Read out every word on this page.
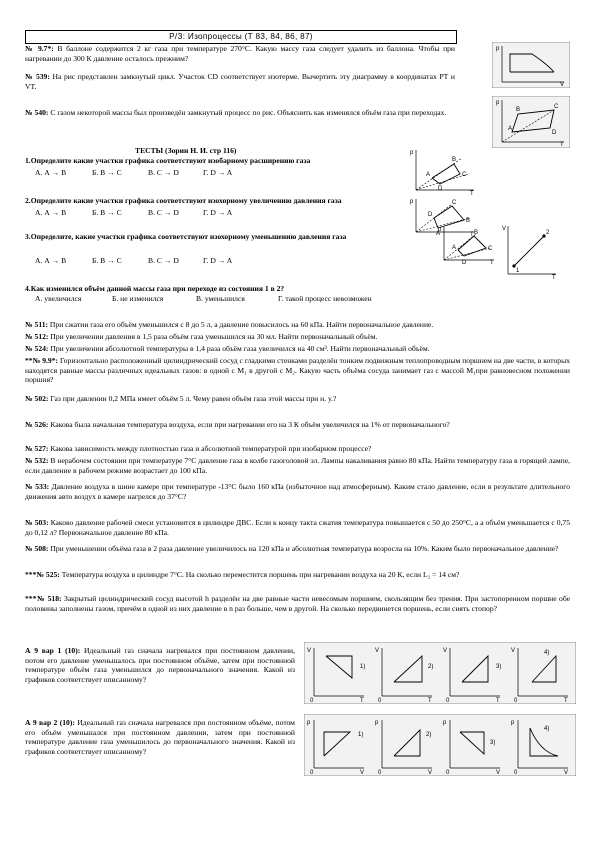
Р/З: Изопроцессы (Т 83, 84, 86, 87)
№ 9.7*: В баллоне содержится 2 кг газа при температуре 270°С. Какую массу газа следует удалить из баллона. Чтобы при нагревании до 300 К давление осталось прежним?
№ 539: На рис представлен замкнутый цикл. Участок CD соответствует изотерме. Вычертить эту диаграмму в координатах РТ и VT.
№ 540: С газом некоторой массы был произведён замкнутый процесс по рис. Объяснить как изменялся объём газа при переходах.
p
V
p
T
A
B	C
D
ТЕСТЫ (Зорин Н. И. стр 116)
1.Определите какие участки графика соответствуют изобарному расширению газа
А. А → В	Б. В → С	В. С → D	Г. D → A
2.Определите какие участки графика соответствуют изохорному увеличению давления газа
А. А → В	Б. В → С	В. С → D	Г. D → A
3.Определите, какие участки графика соответствуют изохорному уменьшению давления газа
А. А → В	Б. В → С	В. С → D	Г. D → A
4.Как изменился объём данной массы газа при переходе из состояния 1 в 2?
А. увеличился	Б. не изменился	В. уменьшился	Г. такой процесс невозможен
p
T
A
B
C
D
p
T
D
C
B
A
p
T
A
B
C
D
V
T
2
1
№ 511: При сжатии газа его объём уменьшился с 8 до 5 л, а давление повысилось на 60 кПа. Найти первоначальное давление.
№ 512: При увеличении давления в 1,5 раза объём газа уменьшился на 30 мл. Найти первоначальный объём.
№ 524: При увеличении абсолютной температуры в 1,4 раза объём газа увеличился на 40 см³. Найти первоначальный объём.
**№ 9.9*: Горизонтально расположенный цилиндрический сосуд с гладкими стенками разделён тонким подвижным теплопроводным поршнем на две части, в которых находятся равные массы различных идеальных газов: в одной с М₁ в другой с М₂. Какую часть объёма сосуда занимает газ с массой М₁при равновесном положении поршня?
№ 502: Газ при давлении 0,2 МПа имеет объём 5 л. Чему равен объём газа этой массы при н. у.?
№ 526: Какова была начальная температура воздуха, если при нагревании его на 3 К объём увеличился на 1% от первоначального?
№ 527: Какова зависимость между плотностью газа и абсолютной температурой при изобарном процессе?
№ 532: В нерабочем состоянии при температуре 7°С давление газа в колбе газоголовой эл. Лампы накаливания равно 80 кПа. Найти температуру газа в горящей лампе, если давление в рабочем режиме возрастает до 100 кПа.
№ 533: Давление воздуха в шине камере при температуре -13°С было 160 кПа (избыточное над атмосферным). Каким стало давление, если в результате длительного движения авто воздух в камере нагрелся до 37°С?
№ 503: Каково давление рабочей смеси установится в цилиндре ДВС. Если к концу такта сжатия температура повышается с 50 до 250°С, а а объём уменьшается с 0,75 до 0,12 л? Первоначальное давление 80 кПа.
№ 508: При уменьшении объёма газа в 2 раза давление увеличилось на 120 кПа и абсолютная температура возросла на 10%. Каким было первоначальное давление?
***№ 525: Температура воздуха в цилиндре 7°С. На сколько переместится поршень при нагревании воздуха на 20 К, если L₂ = 14 см?
***№ 518: Закрытый цилиндрический сосуд высотой h разделён на две равные части невесомым поршнем, скользящим без трения. При застопоренном поршне обе половины заполнены газом, причём в одной из них давление в n раз больше, чем в другой. На сколько передвинется поршень, если снять стопор?
А 9 вар 1 (10): Идеальный газ сначала нагревался при постоянном давлении, потом его давление уменьшалось при постоянном объёме, затем при постоянной температуре объём газа уменьшился до первоначального значения. Какой из графиков соответствует описанному?
А 9 вар 2 (10): Идеальный газ сначала нагревался при постоянном объёме, потом его объём уменьшался при постоянном давлении, затем при постоянной температуре давление газа уменьшилось до первоначального значения. Какой из графиков соответствует описанному?
V
T
0
1)
V
T
0
2)
V
T
0
3)
V
T
0
4)
p
V
0
1)
p
V
0
2)
p
V
0
3)
p
V
0
4)
